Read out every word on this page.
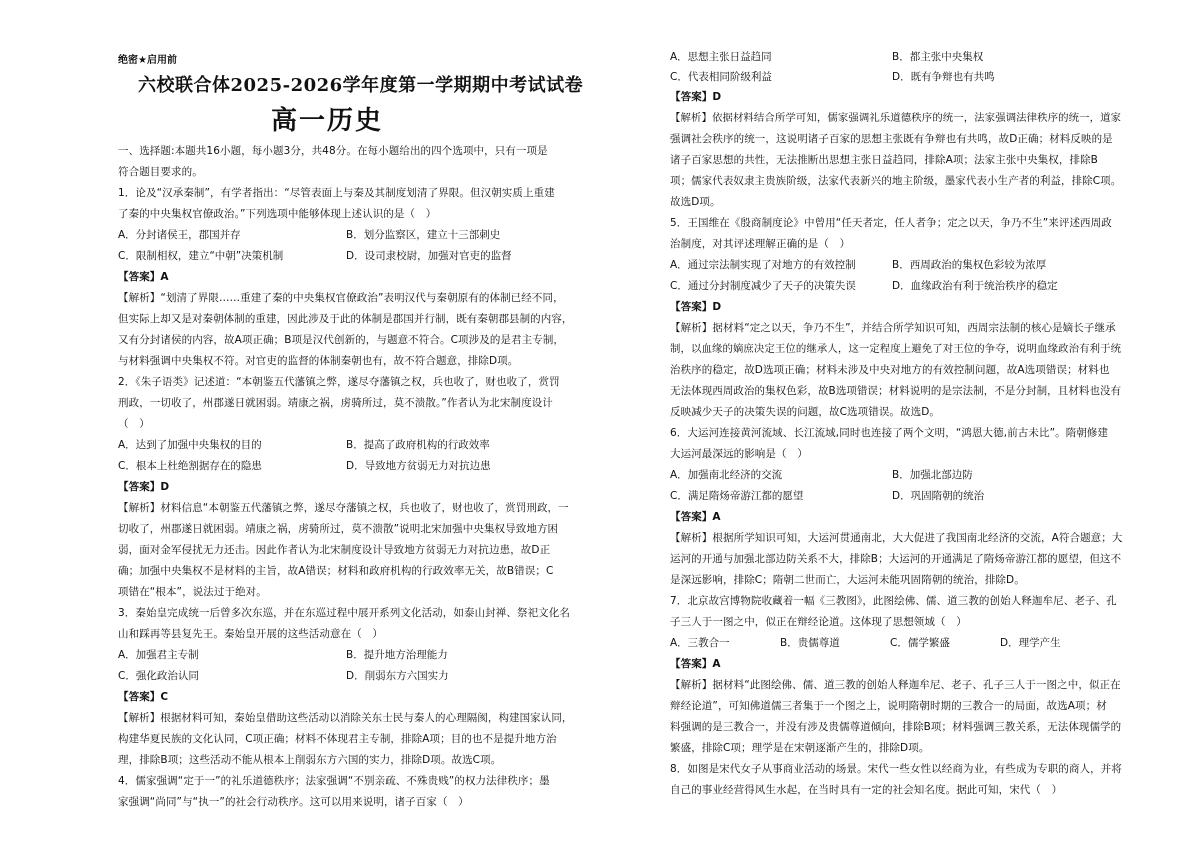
绝密★启用前
六校联合体2025-2026学年度第一学期期中考试试卷
高一历史
一、选择题:本题共16小题，每小题3分，共48分。在每小题给出的四个选项中，只有一项是
符合题目要求的。
1．论及“汉承秦制”，有学者指出：“尽管表面上与秦及其制度划清了界限。但汉朝实质上重建
了秦的中央集权官僚政治。”下列选项中能够体现上述认识的是（　）
A．分封诸侯王，郡国并存	B．划分监察区，建立十三部刺史
C．限制相权，建立“中朝”决策机制	D．设司隶校尉，加强对官吏的监督
【答案】A
【解析】“划清了界限……重建了秦的中央集权官僚政治”表明汉代与秦朝原有的体制已经不同，
但实际上却又是对秦朝体制的重建，因此涉及于此的体制是郡国并行制，既有秦朝郡县制的内容，
又有分封诸侯的内容，故A项正确；B项是汉代创新的，与题意不符合。C项涉及的是君主专制，
与材料强调中央集权不符。对官吏的监督的体制秦朝也有，故不符合题意，排除D项。
2．《朱子语类》记述道：“本朝鉴五代藩镇之弊，遂尽夺藩镇之权，兵也收了，财也收了，赏罚
刑政，一切收了，州郡遂日就困弱。靖康之祸，虏骑所过，莫不溃散。”作者认为北宋制度设计
（　）
A．达到了加强中央集权的目的	B．提高了政府机构的行政效率
C．根本上杜绝割据存在的隐患	D．导致地方贫弱无力对抗边患
【答案】D
【解析】材料信息“本朝鉴五代藩镇之弊，遂尽夺藩镇之权，兵也收了，财也收了，赏罚刑政，一
切收了，州郡遂日就困弱。靖康之祸，虏骑所过，莫不溃散”说明北宋加强中央集权导致地方困
弱，面对金军侵扰无力还击。因此作者认为北宋制度设计导致地方贫弱无力对抗边患，故D正
确；加强中央集权不是材料的主旨，故A错误；材料和政府机构的行政效率无关，故B错误；C
项错在“根本”，说法过于绝对。
3．秦始皇完成统一后曾多次东巡，并在东巡过程中展开系列文化活动，如泰山封禅、祭祀文化名
山和踩再等县复先王。秦始皇开展的这些活动意在（　）
A．加强君主专制	B．提升地方治理能力
C．强化政治认同	D．削弱东方六国实力
【答案】C
【解析】根据材料可知，秦始皇借助这些活动以消除关东士民与秦人的心理隔阂，构建国家认同，
构建华夏民族的文化认同，C项正确；材料不体现君主专制，排除A项；目的也不是提升地方治
理，排除B项；这些活动不能从根本上削弱东方六国的实力，排除D项。故选C项。
4．儒家强调“定于一”的礼乐道德秩序；法家强调“不别亲疏、不殊贵贱”的权力法律秩序；墨
家强调“尚同”与“执一”的社会行动秩序。这可以用来说明，诸子百家（　）
A．思想主张日益趋同	B．都主张中央集权
C．代表相同阶级利益	D．既有争辩也有共鸣
【答案】D
【解析】依据材料结合所学可知，儒家强调礼乐道德秩序的统一，法家强调法律秩序的统一，道家
强调社会秩序的统一，这说明诸子百家的思想主张既有争辩也有共鸣，故D正确；材料反映的是
诸子百家思想的共性，无法推断出思想主张日益趋同，排除A项；法家主张中央集权，排除B
项；儒家代表奴隶主贵族阶级，法家代表新兴的地主阶级，墨家代表小生产者的利益，排除C项。
故选D项。
5．王国维在《殷商制度论》中曾用“任天者定，任人者争；定之以天，争乃不生”来评述西周政
治制度，对其评述理解正确的是（　）
A．通过宗法制实现了对地方的有效控制	B．西周政治的集权色彩较为浓厚
C．通过分封制度减少了天子的决策失误	D．血缘政治有利于统治秩序的稳定
【答案】D
【解析】据材料“定之以天，争乃不生”，并结合所学知识可知，西周宗法制的核心是嫡长子继承
制，以血缘的嫡庶决定王位的继承人，这一定程度上避免了对王位的争夺，说明血缘政治有利于统
治秩序的稳定，故D选项正确；材料未涉及中央对地方的有效控制问题，故A选项错误；材料也
无法体现西周政治的集权色彩，故B选项错误；材料说明的是宗法制，不是分封制，且材料也没有
反映减少天子的决策失误的问题，故C选项错误。故选D。
6．大运河连接黄河流域、长江流域,同时也连接了两个文明，“鸿恩大德,前古未比”。隋朝修建
大运河最深远的影响是（　）
A．加强南北经济的交流	B．加强北部边防
C．满足隋炀帝游江都的愿望	D．巩固隋朝的统治
【答案】A
【解析】根据所学知识可知，大运河贯通南北，大大促进了我国南北经济的交流，A符合题意；大
运河的开通与加强北部边防关系不大，排除B；大运河的开通满足了隋炀帝游江都的愿望，但这不
是深远影响，排除C；隋朝二世而亡，大运河未能巩固隋朝的统治，排除D。
7．北京故宫博物院收藏着一幅《三教图》，此图绘佛、儒、道三教的创始人释迦牟尼、老子、孔
子三人于一图之中，似正在辩经论道。这体现了思想领域（　）
A．三教合一	B．贵儒尊道	C．儒学繁盛	D．理学产生
【答案】A
【解析】据材料“此图绘佛、儒、道三教的创始人释迦牟尼、老子、孔子三人于一图之中，似正在
辩经论道”，可知佛道儒三者集于一个图之上，说明隋朝时期的三教合一的局面，故选A项；材
料强调的是三教合一，并没有涉及贵儒尊道倾向，排除B项；材料强调三教关系，无法体现儒学的
繁盛，排除C项；理学是在宋朝逐渐产生的，排除D项。
8．如图是宋代女子从事商业活动的场景。宋代一些女性以经商为业，有些成为专职的商人，并将
自己的事业经营得风生水起，在当时具有一定的社会知名度。据此可知，宋代（　）
